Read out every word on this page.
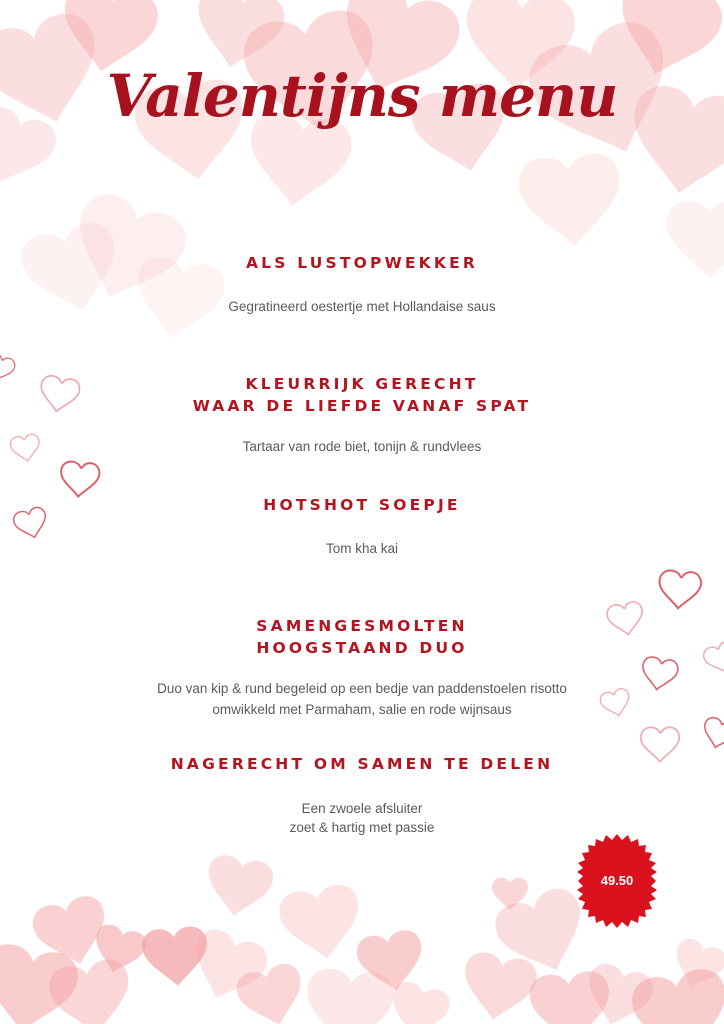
Valentijns menu
ALS LUSTOPWEKKER
Gegratineerd oestertje met Hollandaise saus
KLEURRIJK GERECHT
WAAR DE LIEFDE VANAF SPAT
Tartaar van rode biet, tonijn & rundvlees
HOTSHOT SOEPJE
Tom kha kai
SAMENGESMOLTEN
HOOGSTAAND DUO
Duo van kip & rund begeleid op een bedje van paddenstoelen risotto
omwikkeld met Parmaham, salie en rode wijnsaus
NAGERECHT OM SAMEN TE DELEN
Een zwoele afsluiter
zoet & hartig met passie
49.50
